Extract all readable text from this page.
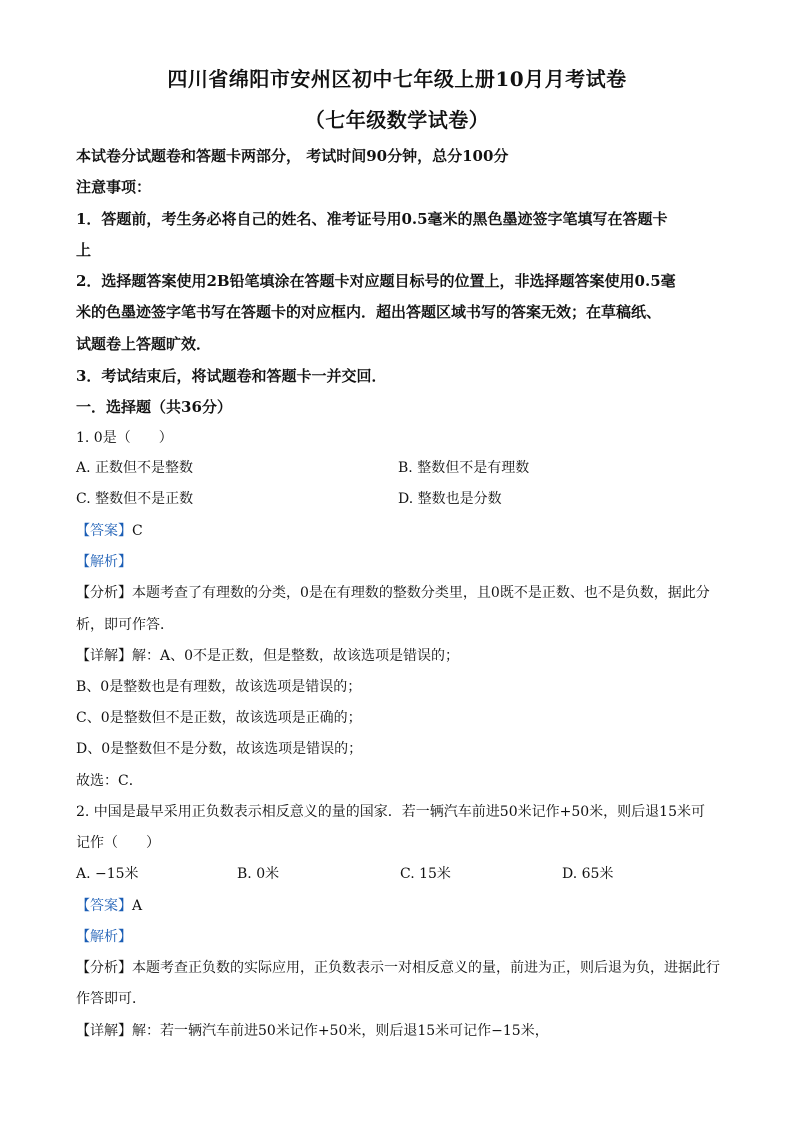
四川省绵阳市安州区初中七年级上册10月月考试卷
（七年级数学试卷）
本试卷分试题卷和答题卡两部分， 考试时间90分钟，总分100分
注意事项：
1．答题前，考生务必将自己的姓名、准考证号用0.5毫米的黑色墨迹签字笔填写在答题卡
上
2．选择题答案使用2B铅笔填涂在答题卡对应题目标号的位置上，非选择题答案使用0.5毫
米的色墨迹签字笔书写在答题卡的对应框内．超出答题区域书写的答案无效；在草稿纸、
试题卷上答题旷效．
3．考试结束后，将试题卷和答题卡一并交回．
一．选择题（共36分）
1. 0是（　　）
A. 正数但不是整数	B. 整数但不是有理数
C. 整数但不是正数	D. 整数也是分数
【答案】C
【解析】
【分析】本题考查了有理数的分类，0是在有理数的整数分类里，且0既不是正数、也不是负数，据此分
析，即可作答．
【详解】解：A、0不是正数，但是整数，故该选项是错误的；
B、0是整数也是有理数，故该选项是错误的；
C、0是整数但不是正数，故该选项是正确的；
D、0是整数但不是分数，故该选项是错误的；
故选：C．
2. 中国是最早采用正负数表示相反意义的量的国家．若一辆汽车前进50米记作+50米，则后退15米可
记作（　　）
A. −15米	B. 0米	C. 15米	D. 65米
【答案】A
【解析】
【分析】本题考查正负数的实际应用，正负数表示一对相反意义的量，前进为正，则后退为负，进据此行
作答即可．
【详解】解：若一辆汽车前进50米记作+50米，则后退15米可记作−15米，
